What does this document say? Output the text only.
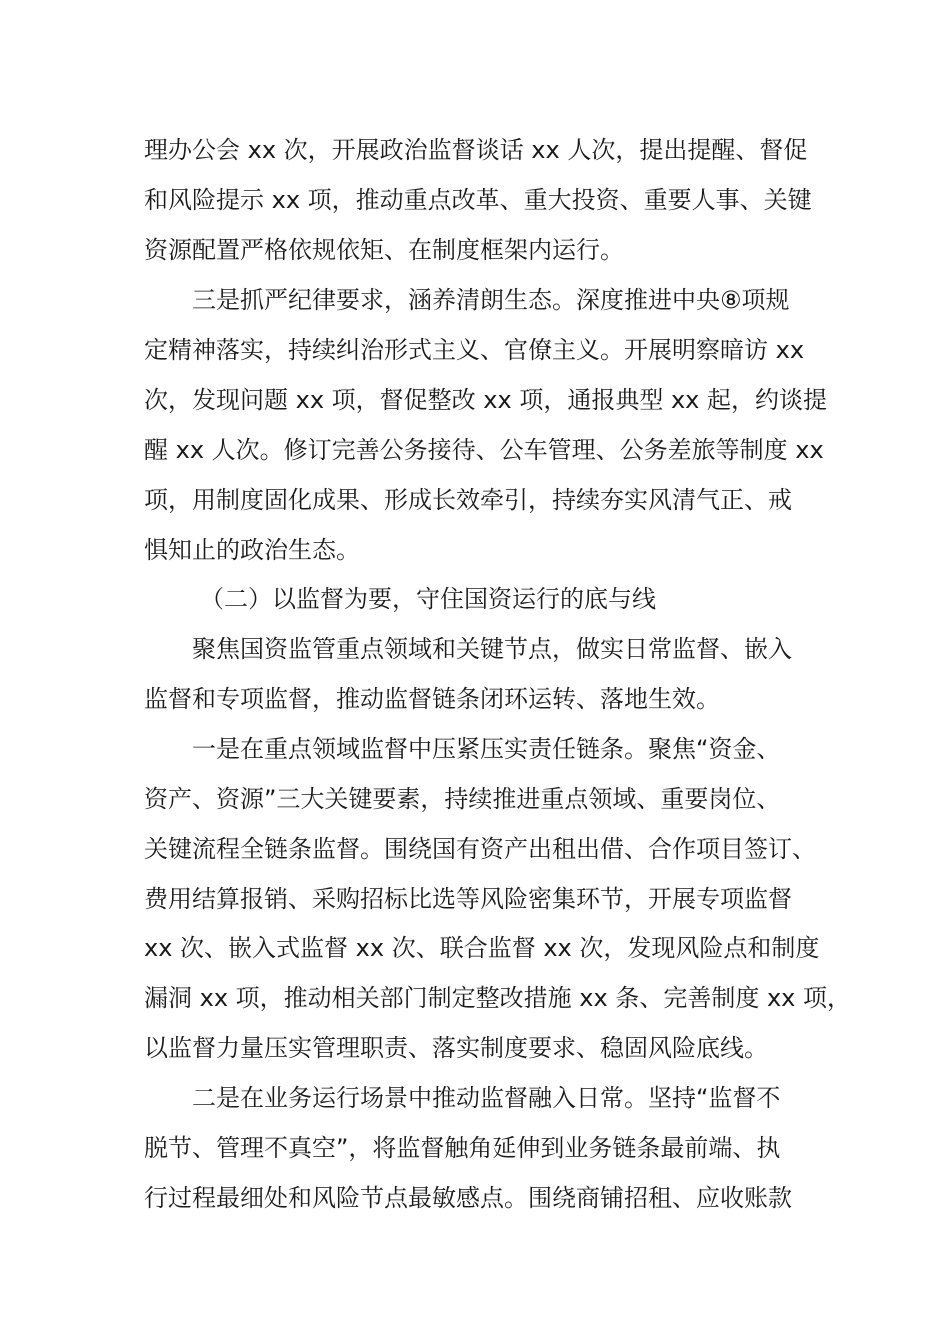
理办公会 xx 次，开展政治监督谈话 xx 人次，提出提醒、督促
和风险提示 xx 项，推动重点改革、重大投资、重要人事、关键
资源配置严格依规依矩、在制度框架内运行。
三是抓严纪律要求，涵养清朗生态。深度推进中央⑧项规
定精神落实，持续纠治形式主义、官僚主义。开展明察暗访 xx
次，发现问题 xx 项，督促整改 xx 项，通报典型 xx 起，约谈提
醒 xx 人次。修订完善公务接待、公车管理、公务差旅等制度 xx
项，用制度固化成果、形成长效牵引，持续夯实风清气正、戒
惧知止的政治生态。
（二）以监督为要，守住国资运行的底与线
聚焦国资监管重点领域和关键节点，做实日常监督、嵌入
监督和专项监督，推动监督链条闭环运转、落地生效。
一是在重点领域监督中压紧压实责任链条。聚焦“资金、
资产、资源”三大关键要素，持续推进重点领域、重要岗位、
关键流程全链条监督。围绕国有资产出租出借、合作项目签订、
费用结算报销、采购招标比选等风险密集环节，开展专项监督
xx 次、嵌入式监督 xx 次、联合监督 xx 次，发现风险点和制度
漏洞 xx 项，推动相关部门制定整改措施 xx 条、完善制度 xx 项，
以监督力量压实管理职责、落实制度要求、稳固风险底线。
二是在业务运行场景中推动监督融入日常。坚持“监督不
脱节、管理不真空”，将监督触角延伸到业务链条最前端、执
行过程最细处和风险节点最敏感点。围绕商铺招租、应收账款
